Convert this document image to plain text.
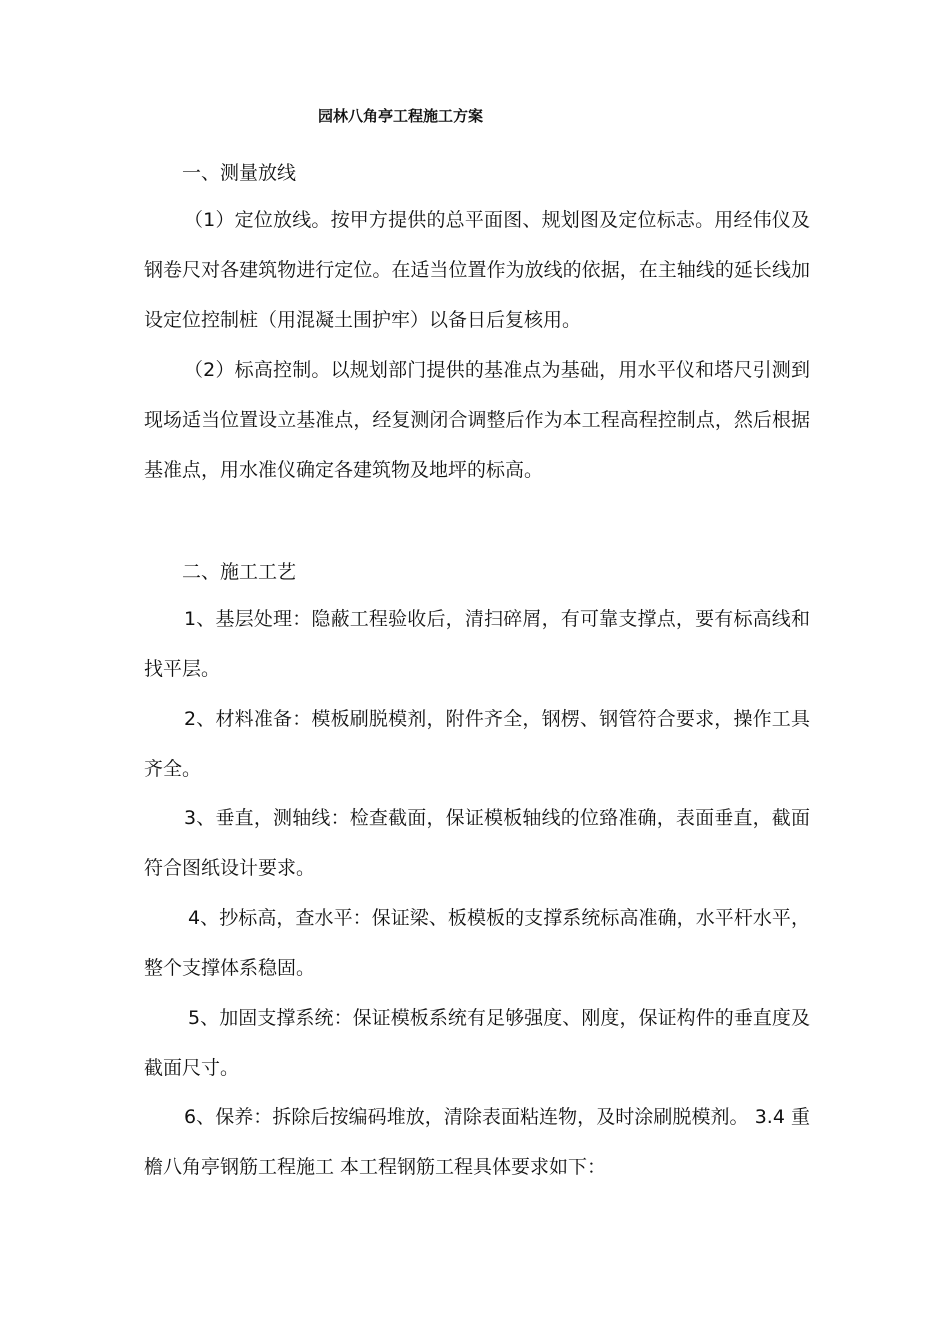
园林八角亭工程施工方案
一、测量放线
（1）定位放线。按甲方提供的总平面图、规划图及定位标志。用经伟仪及钢卷尺对各建筑物进行定位。在适当位置作为放线的依据，在主轴线的延长线加设定位控制桩（用混凝土围护牢）以备日后复核用。
（2）标高控制。以规划部门提供的基准点为基础，用水平仪和塔尺引测到现场适当位置设立基准点，经复测闭合调整后作为本工程高程控制点，然后根据基准点，用水准仪确定各建筑物及地坪的标高。
二、施工工艺
1、基层处理：隐蔽工程验收后，清扫碎屑，有可靠支撑点，要有标高线和找平层。
2、材料准备：模板刷脱模剂，附件齐全，钢楞、钢管符合要求，操作工具齐全。
3、垂直，测轴线：检查截面，保证模板轴线的位臵准确，表面垂直，截面符合图纸设计要求。
4、抄标高，查水平：保证梁、板模板的支撑系统标高准确，水平杆水平，整个支撑体系稳固。
5、加固支撑系统：保证模板系统有足够强度、刚度，保证构件的垂直度及截面尺寸。
6、保养：拆除后按编码堆放，清除表面粘连物，及时涂刷脱模剂。 3.4 重檐八角亭钢筋工程施工 本工程钢筋工程具体要求如下：
